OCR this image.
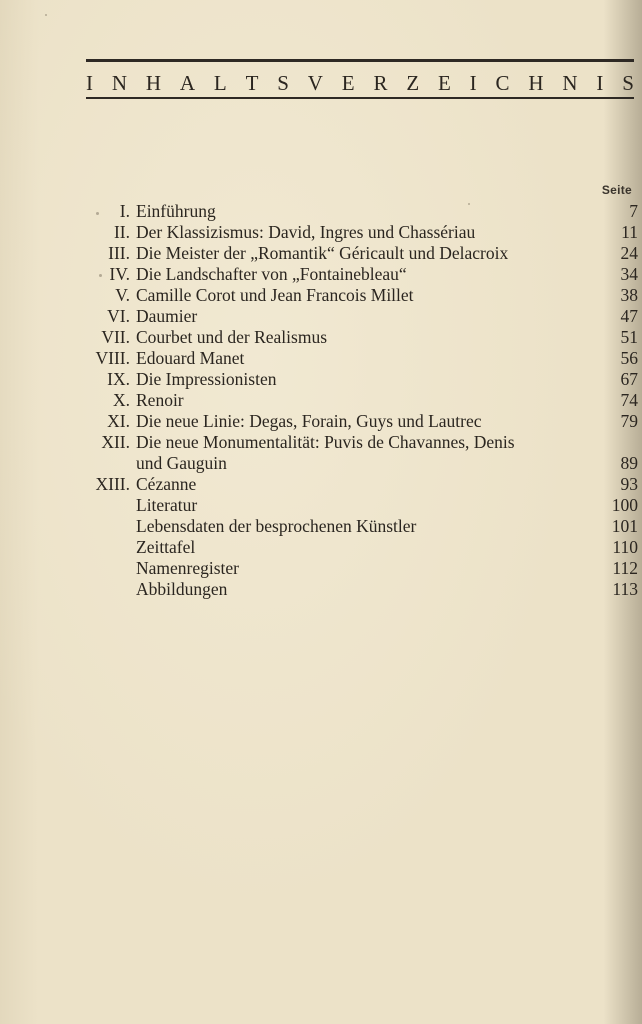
I N H A L T S V E R Z E I C H N I S
Seite
I. Einführung	7
II. Der Klassizismus: David, Ingres und Chassériau	11
III. Die Meister der „Romantik“ Géricault und Delacroix	24
IV. Die Landschafter von „Fontainebleau“	34
V. Camille Corot und Jean Francois Millet	38
VI. Daumier	47
VII. Courbet und der Realismus	51
VIII. Edouard Manet	56
IX. Die Impressionisten	67
X. Renoir	74
XI. Die neue Linie: Degas, Forain, Guys und Lautrec	79
XII. Die neue Monumentalität: Puvis de Chavannes, Denis
und Gauguin	89
XIII. Cézanne	93
Literatur	100
Lebensdaten der besprochenen Künstler	101
Zeittafel	110
Namenregister	112
Abbildungen	113
